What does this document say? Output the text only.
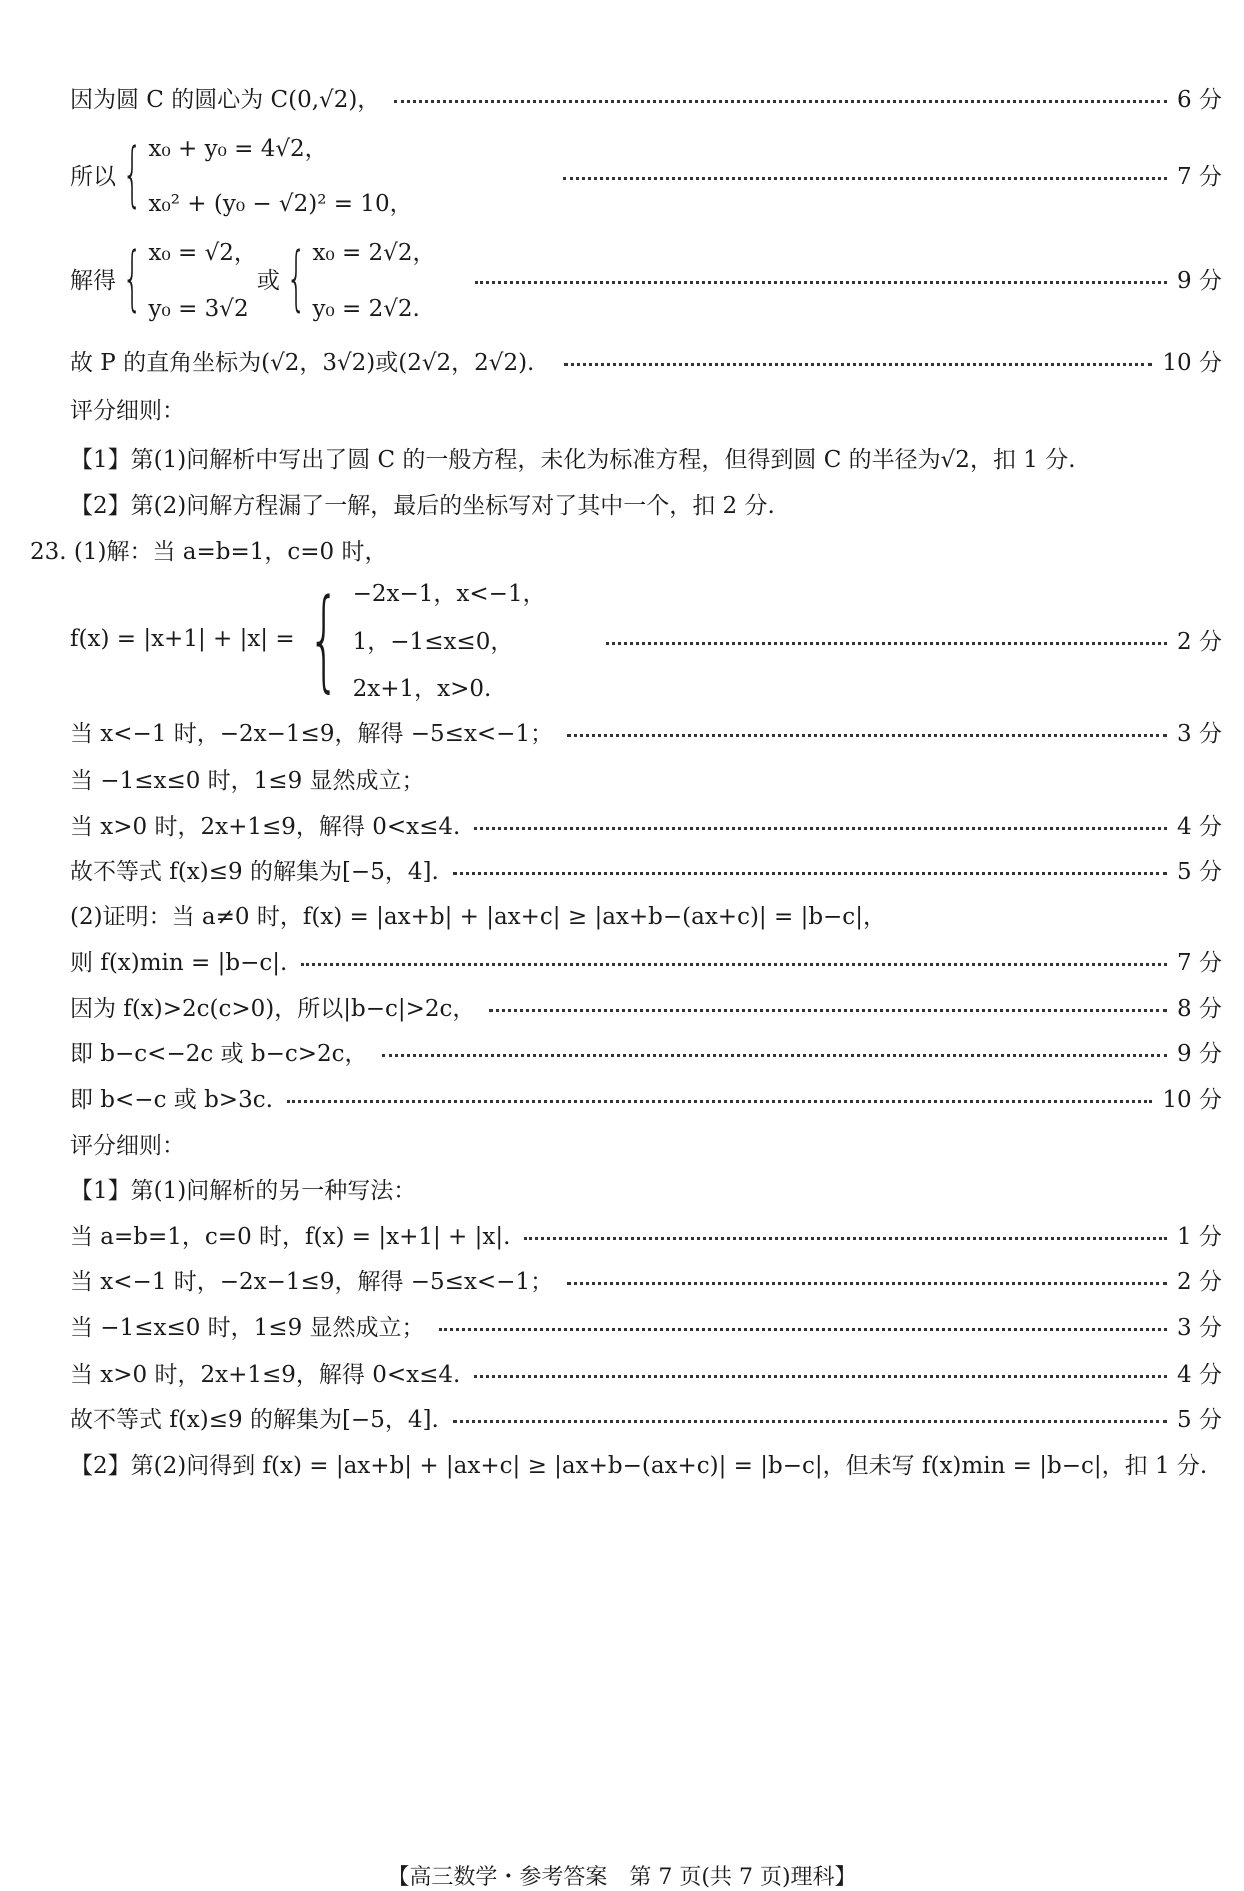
因为圆 C 的圆心为 C(0,√2)，	6 分
所以 { x₀ + y₀ = 4√2，
x₀² + (y₀ − √2)² = 10，
7 分
解得 { x₀ = √2，
y₀ = 3√2
或 { x₀ = 2√2，
y₀ = 2√2.
9 分
故 P 的直角坐标为(√2，3√2)或(2√2，2√2).	10 分
评分细则：
【1】第(1)问解析中写出了圆 C 的一般方程，未化为标准方程，但得到圆 C 的半径为√2，扣 1 分.
【2】第(2)问解方程漏了一解，最后的坐标写对了其中一个，扣 2 分.
23. (1)解：当 a=b=1，c=0 时，
f(x) = |x+1| + |x| = { −2x−1，x<−1，
1，−1≤x≤0，
2x+1，x>0.
2 分
当 x<−1 时，−2x−1≤9，解得 −5≤x<−1；	3 分
当 −1≤x≤0 时，1≤9 显然成立；
当 x>0 时，2x+1≤9，解得 0<x≤4.	4 分
故不等式 f(x)≤9 的解集为[−5，4].	5 分
(2)证明：当 a≠0 时，f(x) = |ax+b| + |ax+c| ≥ |ax+b−(ax+c)| = |b−c|，
则 f(x)min = |b−c|.	7 分
因为 f(x)>2c(c>0)，所以|b−c|>2c，	8 分
即 b−c<−2c 或 b−c>2c，	9 分
即 b<−c 或 b>3c.	10 分
评分细则：
【1】第(1)问解析的另一种写法：
当 a=b=1，c=0 时，f(x) = |x+1| + |x|.	1 分
当 x<−1 时，−2x−1≤9，解得 −5≤x<−1；	2 分
当 −1≤x≤0 时，1≤9 显然成立；	3 分
当 x>0 时，2x+1≤9，解得 0<x≤4.	4 分
故不等式 f(x)≤9 的解集为[−5，4].	5 分
【2】第(2)问得到 f(x) = |ax+b| + |ax+c| ≥ |ax+b−(ax+c)| = |b−c|，但未写 f(x)min = |b−c|，扣 1 分.
【高三数学・参考答案　第 7 页(共 7 页)理科】
